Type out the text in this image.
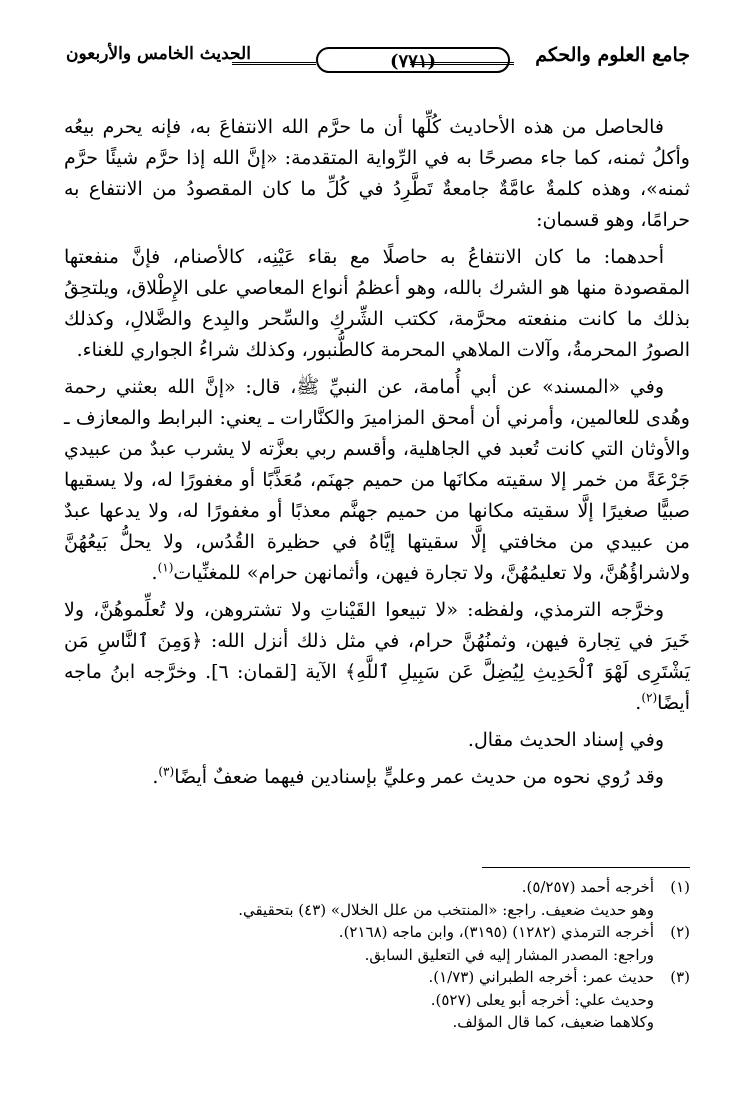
جامع العلوم والحكم
(٧٧١)
الحديث الخامس والأربعون

فالحاصل من هذه الأحاديث كُلِّها أن ما حرَّم الله الانتفاعَ به، فإنه يحرم بيعُه وأكلُ ثمنه، كما جاء مصرحًا به في الرِّواية المتقدمة: «إنَّ الله إذا حرَّم شيئًا حرَّم ثمنه»، وهذه كلمةٌ عامَّةٌ جامعةٌ تَطَّرِدُ في كُلِّ ما كان المقصودُ من الانتفاع به حرامًا، وهو قسمان:

أحدهما: ما كان الانتفاعُ به حاصلًا مع بقاء عَيْنِه، كالأصنام، فإنَّ منفعتها المقصودة منها هو الشرك بالله، وهو أعظمُ أنواع المعاصي على الإِطْلاق، ويلتحِقُ بذلك ما كانت منفعته محرَّمة، ككتب الشِّركِ والسِّحر والبِدع والضَّلالِ، وكذلك الصورُ المحرمةُ، وآلات الملاهي المحرمة كالطُّنبور، وكذلك شراءُ الجواري للغناء.

وفي «المسند» عن أبي أُمامة، عن النبيِّ ﷺ، قال: «إنَّ الله بعثني رحمة وهُدى للعالمين، وأمرني أن أمحق المزاميرَ والكنَّارات ـ يعني: البرابط والمعازف ـ والأوثان التي كانت تُعبد في الجاهلية، وأقسم ربي بعزَّته لا يشرب عبدٌ من عبيدي جَرْعَةً من خمر إلا سقيته مكانَها من حميم جهنَم، مُعَذَّبًا أو مغفورًا له، ولا يسقيها صبيًّا صغيرًا إلَّا سقيته مكانها من حميم جهنَّم معذبًا أو مغفورًا له، ولا يدعها عبدٌ من عبيدي من مخافتي إلَّا سقيتها إيَّاهُ في حظيرة القُدُس، ولا يحلُّ بَيعُهُنَّ ولاشراؤُهُنَّ، ولا تعليمُهُنَّ، ولا تجارة فيهن، وأثمانهن حرام» للمغنِّيات$^{(١)}$.

وخرَّجه الترمذي، ولفظه: «لا تبيعوا القَيْناتِ ولا تشتروهن، ولا تُعلِّموهُنَّ، ولا خَيرَ في تِجارة فيهن، وثمنُهُنَّ حرام، في مثل ذلك أنزل الله: ﴿وَمِنَ ٱلنَّاسِ مَن يَشْتَرِى لَهْوَ ٱلْحَدِيثِ لِيُضِلَّ عَن سَبِيلِ ٱللَّهِ﴾ الآية [لقمان: ٦]. وخرَّجه ابنُ ماجه أيضًا$^{(٢)}$.

وفي إسناد الحديث مقال.

وقد رُوي نحوه من حديث عمر وعليٍّ بإسنادين فيهما ضعفٌ أيضًا$^{(٣)}$.

(١)
أخرجه أحمد (٥/٢٥٧).
وهو حديث ضعيف. راجع: «المنتخب من علل الخلال» (٤٣) بتحقيقي.
(٢)
أخرجه الترمذي (١٢٨٢) (٣١٩٥)، وابن ماجه (٢١٦٨).
وراجع: المصدر المشار إليه في التعليق السابق.
(٣)
حديث عمر: أخرجه الطبراني (١/٧٣).
وحديث علي: أخرجه أبو يعلى (٥٢٧).
وكلاهما ضعيف، كما قال المؤلف.
